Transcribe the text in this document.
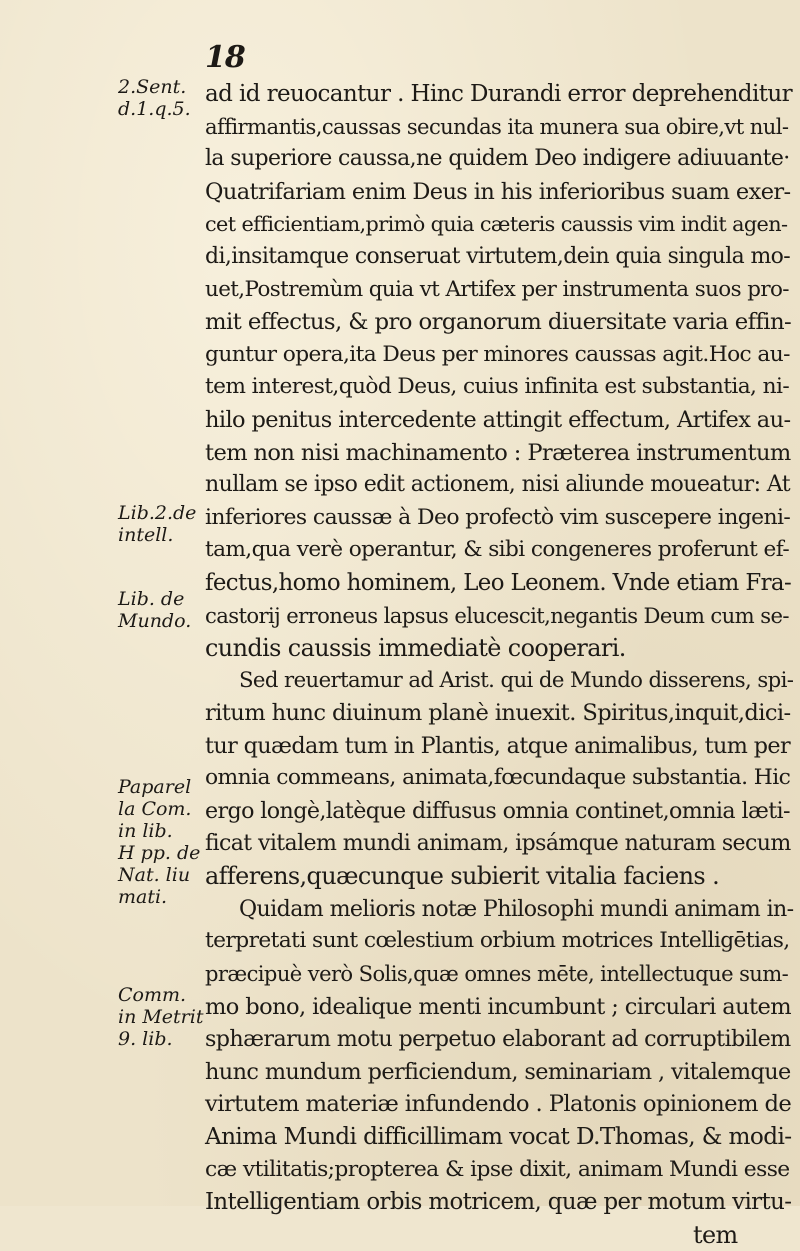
18
2.Sent.
d.1.q.5.
Lib.2.de
intell.
Lib. de
Mundo.
Paparel
la Com.
in lib.
H pp. de
Nat. liu
mati.
Comm.
in Metrit
9. lib.
ad id reuocantur . Hinc Durandi error deprehenditur
affirmantis,caussas secundas ita munera sua obire,vt nul-
la superiore caussa,ne quidem Deo indigere adiuuante·
Quatrifariam enim Deus in his inferioribus suam exer-
cet efficientiam,primò quia cæteris caussis vim indit agen-
di,insitamque conseruat virtutem,dein quia singula mo-
uet,Postremùm quia vt Artifex per instrumenta suos pro-
mit effectus, & pro organorum diuersitate varia effin-
guntur opera,ita Deus per minores caussas agit.Hoc au-
tem interest,quòd Deus, cuius infinita est substantia, ni-
hilo penitus intercedente attingit effectum, Artifex au-
tem non nisi machinamento : Præterea instrumentum
nullam se ipso edit actionem, nisi aliunde moueatur: At
inferiores caussæ à Deo profectò vim suscepere ingeni-
tam,qua verè operantur, & sibi congeneres proferunt ef-
fectus,homo hominem, Leo Leonem. Vnde etiam Fra-
castorij erroneus lapsus elucescit,negantis Deum cum se-
cundis caussis immediatè cooperari.
Sed reuertamur ad Arist. qui de Mundo disserens, spi-
ritum hunc diuinum planè inuexit. Spiritus,inquit,dici-
tur quædam tum in Plantis, atque animalibus, tum per
omnia commeans, animata,fœcundaque substantia. Hic
ergo longè,latèque diffusus omnia continet,omnia læti-
ficat vitalem mundi animam, ipsámque naturam secum
afferens,quæcunque subierit vitalia faciens .
Quidam melioris notæ Philosophi mundi animam in-
terpretati sunt cœlestium orbium motrices Intelligētias,
præcipuè verò Solis,quæ omnes mēte, intellectuque sum-
mo bono, idealique menti incumbunt ; circulari autem
sphærarum motu perpetuo elaborant ad corruptibilem
hunc mundum perficiendum, seminariam , vitalemque
virtutem materiæ infundendo . Platonis opinionem de
Anima Mundi difficillimam vocat D.Thomas, & modi-
cæ vtilitatis;propterea & ipse dixit, animam Mundi esse
Intelligentiam orbis motricem, quæ per motum virtu-
tem
